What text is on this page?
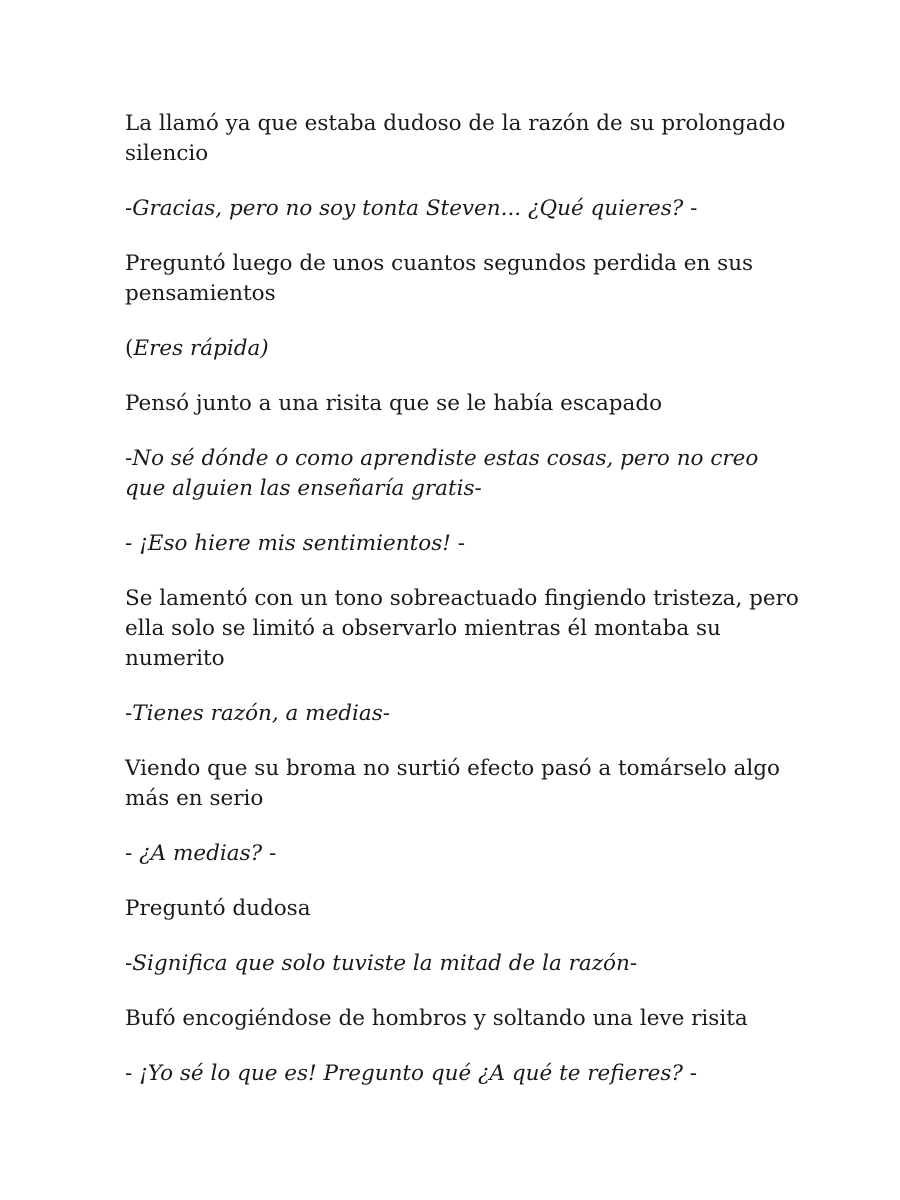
La llamó ya que estaba dudoso de la razón de su prolongado silencio

-Gracias, pero no soy tonta Steven... ¿Qué quieres? -

Preguntó luego de unos cuantos segundos perdida en sus pensamientos

(Eres rápida)

Pensó junto a una risita que se le había escapado

-No sé dónde o como aprendiste estas cosas, pero no creo que alguien las enseñaría gratis-

- ¡Eso hiere mis sentimientos! -

Se lamentó con un tono sobreactuado fingiendo tristeza, pero ella solo se limitó a observarlo mientras él montaba su numerito

-Tienes razón, a medias-

Viendo que su broma no surtió efecto pasó a tomárselo algo más en serio

- ¿A medias? -

Preguntó dudosa

-Significa que solo tuviste la mitad de la razón-

Bufó encogiéndose de hombros y soltando una leve risita

- ¡Yo sé lo que es! Pregunto qué ¿A qué te refieres? -
